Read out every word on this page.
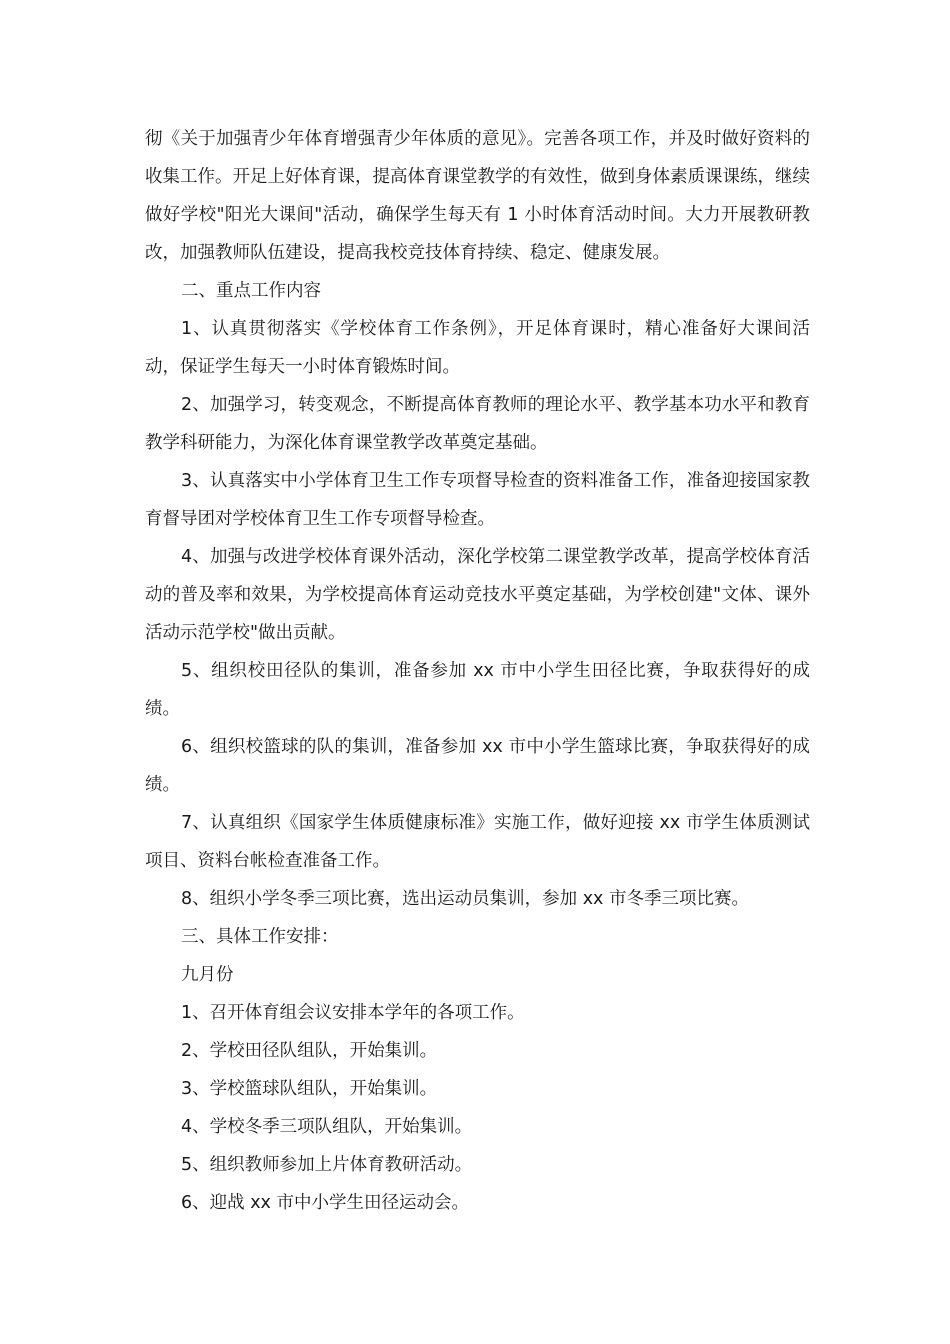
彻《关于加强青少年体育增强青少年体质的意见》。完善各项工作，并及时做好资料的收集工作。开足上好体育课，提高体育课堂教学的有效性，做到身体素质课课练，继续做好学校"阳光大课间"活动，确保学生每天有 1 小时体育活动时间。大力开展教研教改，加强教师队伍建设，提高我校竞技体育持续、稳定、健康发展。

二、重点工作内容

1、认真贯彻落实《学校体育工作条例》，开足体育课时，精心准备好大课间活动，保证学生每天一小时体育锻炼时间。

2、加强学习，转变观念，不断提高体育教师的理论水平、教学基本功水平和教育教学科研能力，为深化体育课堂教学改革奠定基础。

3、认真落实中小学体育卫生工作专项督导检查的资料准备工作，准备迎接国家教育督导团对学校体育卫生工作专项督导检查。

4、加强与改进学校体育课外活动，深化学校第二课堂教学改革，提高学校体育活动的普及率和效果，为学校提高体育运动竞技水平奠定基础，为学校创建"文体、课外活动示范学校"做出贡献。

5、组织校田径队的集训，准备参加 xx 市中小学生田径比赛，争取获得好的成绩。

6、组织校篮球的队的集训，准备参加 xx 市中小学生篮球比赛，争取获得好的成绩。

7、认真组织《国家学生体质健康标准》实施工作，做好迎接 xx 市学生体质测试项目、资料台帐检查准备工作。

8、组织小学冬季三项比赛，选出运动员集训，参加 xx 市冬季三项比赛。

三、具体工作安排：

九月份

1、召开体育组会议安排本学年的各项工作。

2、学校田径队组队，开始集训。

3、学校篮球队组队，开始集训。

4、学校冬季三项队组队，开始集训。

5、组织教师参加上片体育教研活动。

6、迎战 xx 市中小学生田径运动会。
